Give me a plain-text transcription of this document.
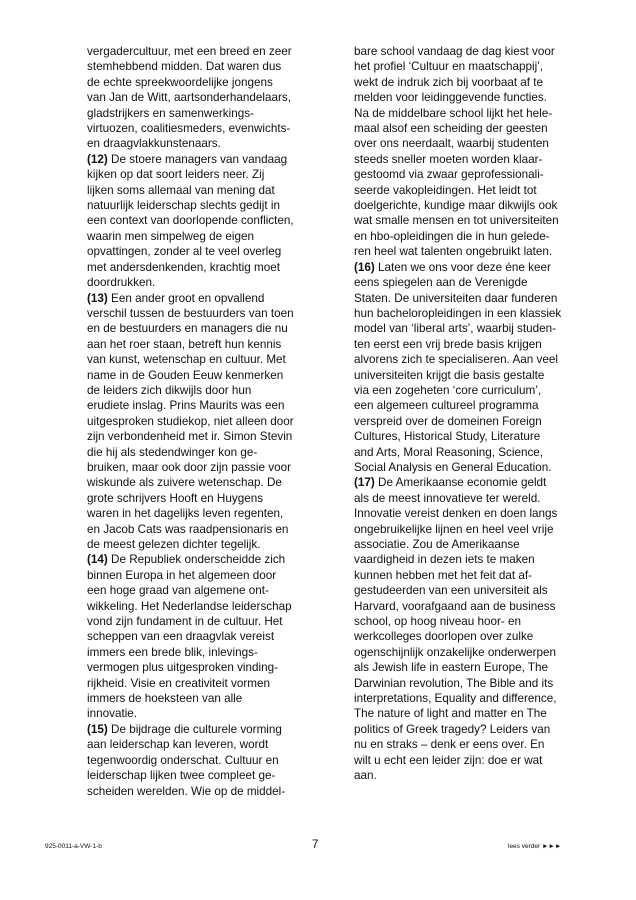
vergadercultuur, met een breed en zeer
stemhebbend midden. Dat waren dus
de echte spreekwoordelijke jongens
van Jan de Witt, aartsonderhandelaars,
gladstrijkers en samenwerkings-
virtuozen, coalitiesmeders, evenwichts-
en draagvlakkunstenaars.
(12) De stoere managers van vandaag
kijken op dat soort leiders neer. Zij
lijken soms allemaal van mening dat
natuurlijk leiderschap slechts gedijt in
een context van doorlopende conflicten,
waarin men simpelweg de eigen
opvattingen, zonder al te veel overleg
met andersdenkenden, krachtig moet
doordrukken.
(13) Een ander groot en opvallend
verschil tussen de bestuurders van toen
en de bestuurders en managers die nu
aan het roer staan, betreft hun kennis
van kunst, wetenschap en cultuur. Met
name in de Gouden Eeuw kenmerken
de leiders zich dikwijls door hun
erudiete inslag. Prins Maurits was een
uitgesproken studiekop, niet alleen door
zijn verbondenheid met ir. Simon Stevin
die hij als stedendwinger kon ge-
bruiken, maar ook door zijn passie voor
wiskunde als zuivere wetenschap. De
grote schrijvers Hooft en Huygens
waren in het dagelijks leven regenten,
en Jacob Cats was raadpensionaris en
de meest gelezen dichter tegelijk.
(14) De Republiek onderscheidde zich
binnen Europa in het algemeen door
een hoge graad van algemene ont-
wikkeling. Het Nederlandse leiderschap
vond zijn fundament in de cultuur. Het
scheppen van een draagvlak vereist
immers een brede blik, inlevings-
vermogen plus uitgesproken vinding-
rijkheid. Visie en creativiteit vormen
immers de hoeksteen van alle
innovatie.
(15) De bijdrage die culturele vorming
aan leiderschap kan leveren, wordt
tegenwoordig onderschat. Cultuur en
leiderschap lijken twee compleet ge-
scheiden werelden. Wie op de middel-
bare school vandaag de dag kiest voor
het profiel ‘Cultuur en maatschappij’,
wekt de indruk zich bij voorbaat af te
melden voor leidinggevende functies.
Na de middelbare school lijkt het hele-
maal alsof een scheiding der geesten
over ons neerdaalt, waarbij studenten
steeds sneller moeten worden klaar-
gestoomd via zwaar geprofessionali-
seerde vakopleidingen. Het leidt tot
doelgerichte, kundige maar dikwijls ook
wat smalle mensen en tot universiteiten
en hbo-opleidingen die in hun gelede-
ren heel wat talenten ongebruikt laten.
(16) Laten we ons voor deze éne keer
eens spiegelen aan de Verenigde
Staten. De universiteiten daar funderen
hun bacheloropleidingen in een klassiek
model van ‘liberal arts’, waarbij studen-
ten eerst een vrij brede basis krijgen
alvorens zich te specialiseren. Aan veel
universiteiten krijgt die basis gestalte
via een zogeheten ‘core curriculum’,
een algemeen cultureel programma
verspreid over de domeinen Foreign
Cultures, Historical Study, Literature
and Arts, Moral Reasoning, Science,
Social Analysis en General Education.
(17) De Amerikaanse economie geldt
als de meest innovatieve ter wereld.
Innovatie vereist denken en doen langs
ongebruikelijke lijnen en heel veel vrije
associatie. Zou de Amerikaanse
vaardigheid in dezen iets te maken
kunnen hebben met het feit dat af-
gestudeerden van een universiteit als
Harvard, voorafgaand aan de business
school, op hoog niveau hoor- en
werkcolleges doorlopen over zulke
ogenschijnlijk onzakelijke onderwerpen
als Jewish life in eastern Europe, The
Darwinian revolution, The Bible and its
interpretations, Equality and difference,
The nature of light and matter en The
politics of Greek tragedy? Leiders van
nu en straks – denk er eens over. En
wilt u echt een leider zijn: doe er wat
aan.
925-0011-a-VW-1-b	7	lees verder ►►►
